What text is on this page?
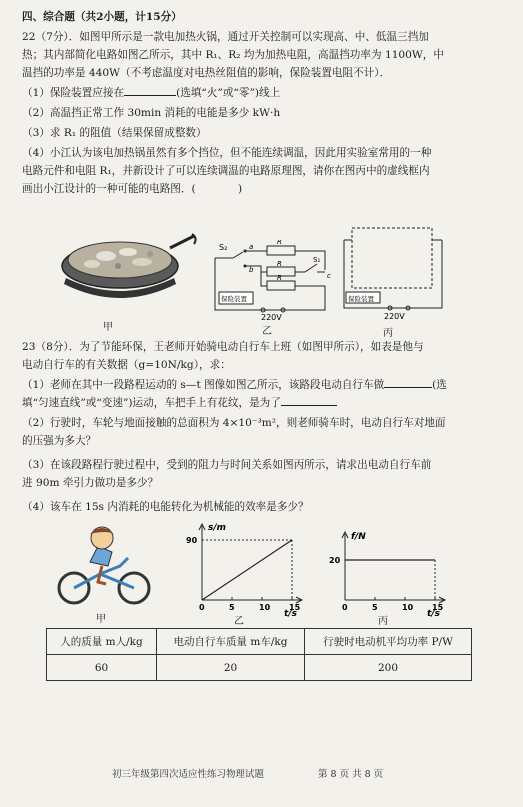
四、综合题（共2小题，计15分）
22（7分）．如图甲所示是一款电加热火锅，通过开关控制可以实现高、中、低温三挡加
热；其内部简化电路如图乙所示，其中 R₁、R₂ 均为加热电阻，高温挡功率为 1100W，中
温挡的功率是 440W（不考虑温度对电热丝阻值的影响，保险装置电阻不计）．
（1）保险装置应接在	(选填“火”或“零”)线上
（2）高温挡正常工作 30min 消耗的电能是多少 kW·h
（3）求 R₁ 的阻值（结果保留成整数）
（4）小江认为该电加热锅虽然有多个挡位，但不能连续调温，因此用实验室常用的一种
电路元件和电阻 R₁，并新设计了可以连续调温的电路原理图，请你在图丙中的虚线框内
画出小江设计的一种可能的电路图．(　　　　)
S₂	a
b
R
R
R
S₁
c
保险装置
220V
保险装置
220V
甲	乙	丙
23（8分）．为了节能环保，王老师开始骑电动自行车上班（如图甲所示），如表是他与
电动自行车的有关数据（g=10N/kg），求：
（1）老师在其中一段路程运动的 s—t 图像如图乙所示，该路段电动自行车做	(选
填“匀速直线”或“变速”)运动，车把手上有花纹，是为了
（2）行驶时，车轮与地面接触的总面积为 4×10⁻³m²，则老师骑车时，电动自行车对地面
的压强为多大？
（3）在该段路程行驶过程中，受到的阻力与时间关系如图丙所示，请求出电动自行车前
进 90m 牵引力做功是多少？
（4）该车在 15s 内消耗的电能转化为机械能的效率是多少？
s/m
t/s
0	5	10 15
90	f/N
t/s
0	5	10 15
20
甲	乙	丙
人的质量 m人/kg	电动自行车质量 m车/kg	行驶时电动机平均功率 P/W
60	20	200
初三年级第四次适应性练习物理试题	第 8 页 共 8 页
